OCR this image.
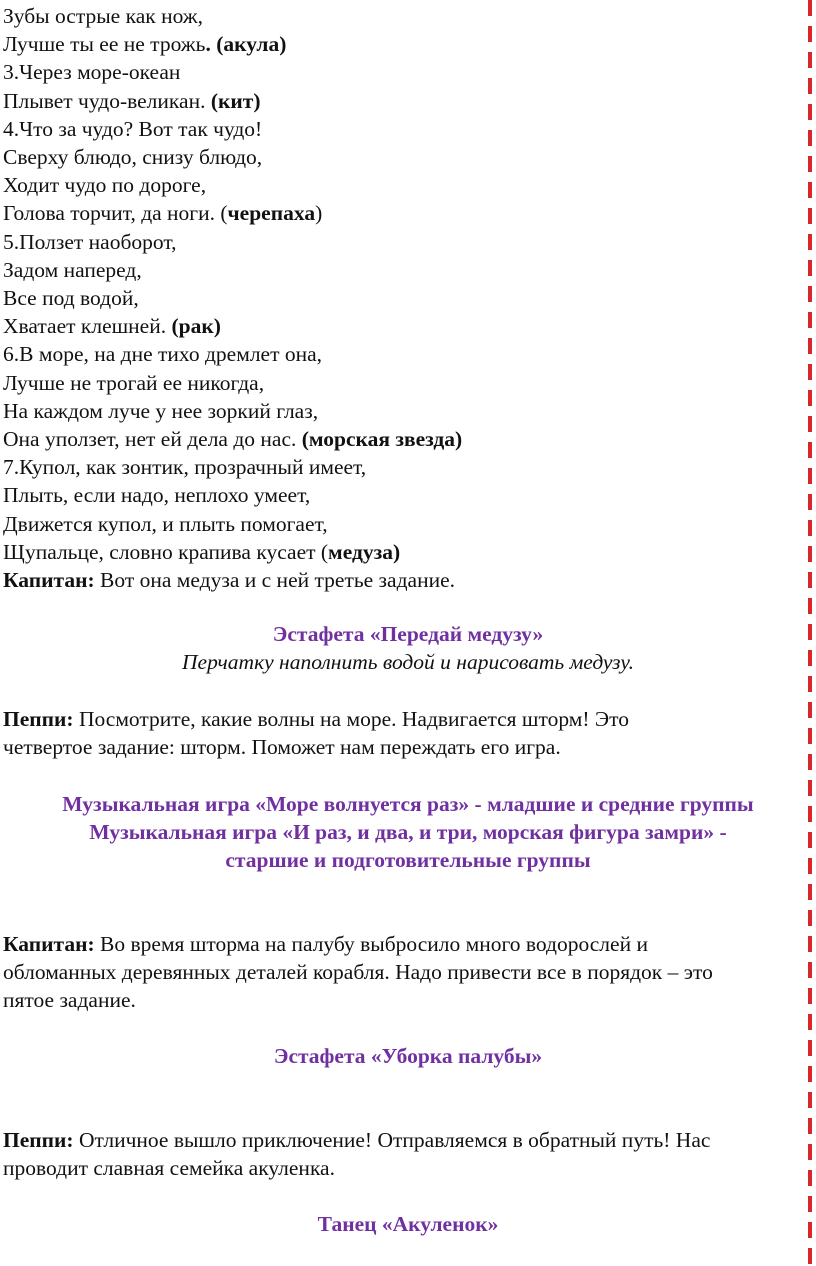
Зубы острые как нож,
Лучше ты ее не трожь. (акула)
3.Через море-океан
Плывет чудо-великан. (кит)
4.Что за чудо? Вот так чудо!
Сверху блюдо, снизу блюдо,
Ходит чудо по дороге,
Голова торчит, да ноги. (черепаха)
5.Ползет наоборот,
Задом наперед,
Все под водой,
Хватает клешней. (рак)
6.В море, на дне тихо дремлет она,
Лучше не трогай ее никогда,
На каждом луче у нее зоркий глаз,
Она уползет, нет ей дела до нас. (морская звезда)
7.Купол, как зонтик, прозрачный имеет,
Плыть, если надо, неплохо умеет,
Движется купол, и плыть помогает,
Щупальце, словно крапива кусает (медуза)
Капитан: Вот она медуза и с ней третье задание.

Эстафета «Передай медузу»

Перчатку наполнить водой и нарисовать медузу.

Пеппи: Посмотрите, какие волны на море. Надвигается шторм! Это
четвертое задание: шторм. Поможет нам переждать его игра.

Музыкальная игра «Море волнуется раз» - младшие и средние группы

Музыкальная игра «И раз, и два, и три, морская фигура замри» -

старшие и подготовительные группы

Капитан: Во время шторма на палубу выбросило много водорослей и
обломанных деревянных деталей корабля. Надо привести все в порядок – это
пятое задание.

Эстафета «Уборка палубы»

Пеппи: Отличное вышло приключение! Отправляемся в обратный путь! Нас
проводит славная семейка акуленка.

Танец «Акуленок»
